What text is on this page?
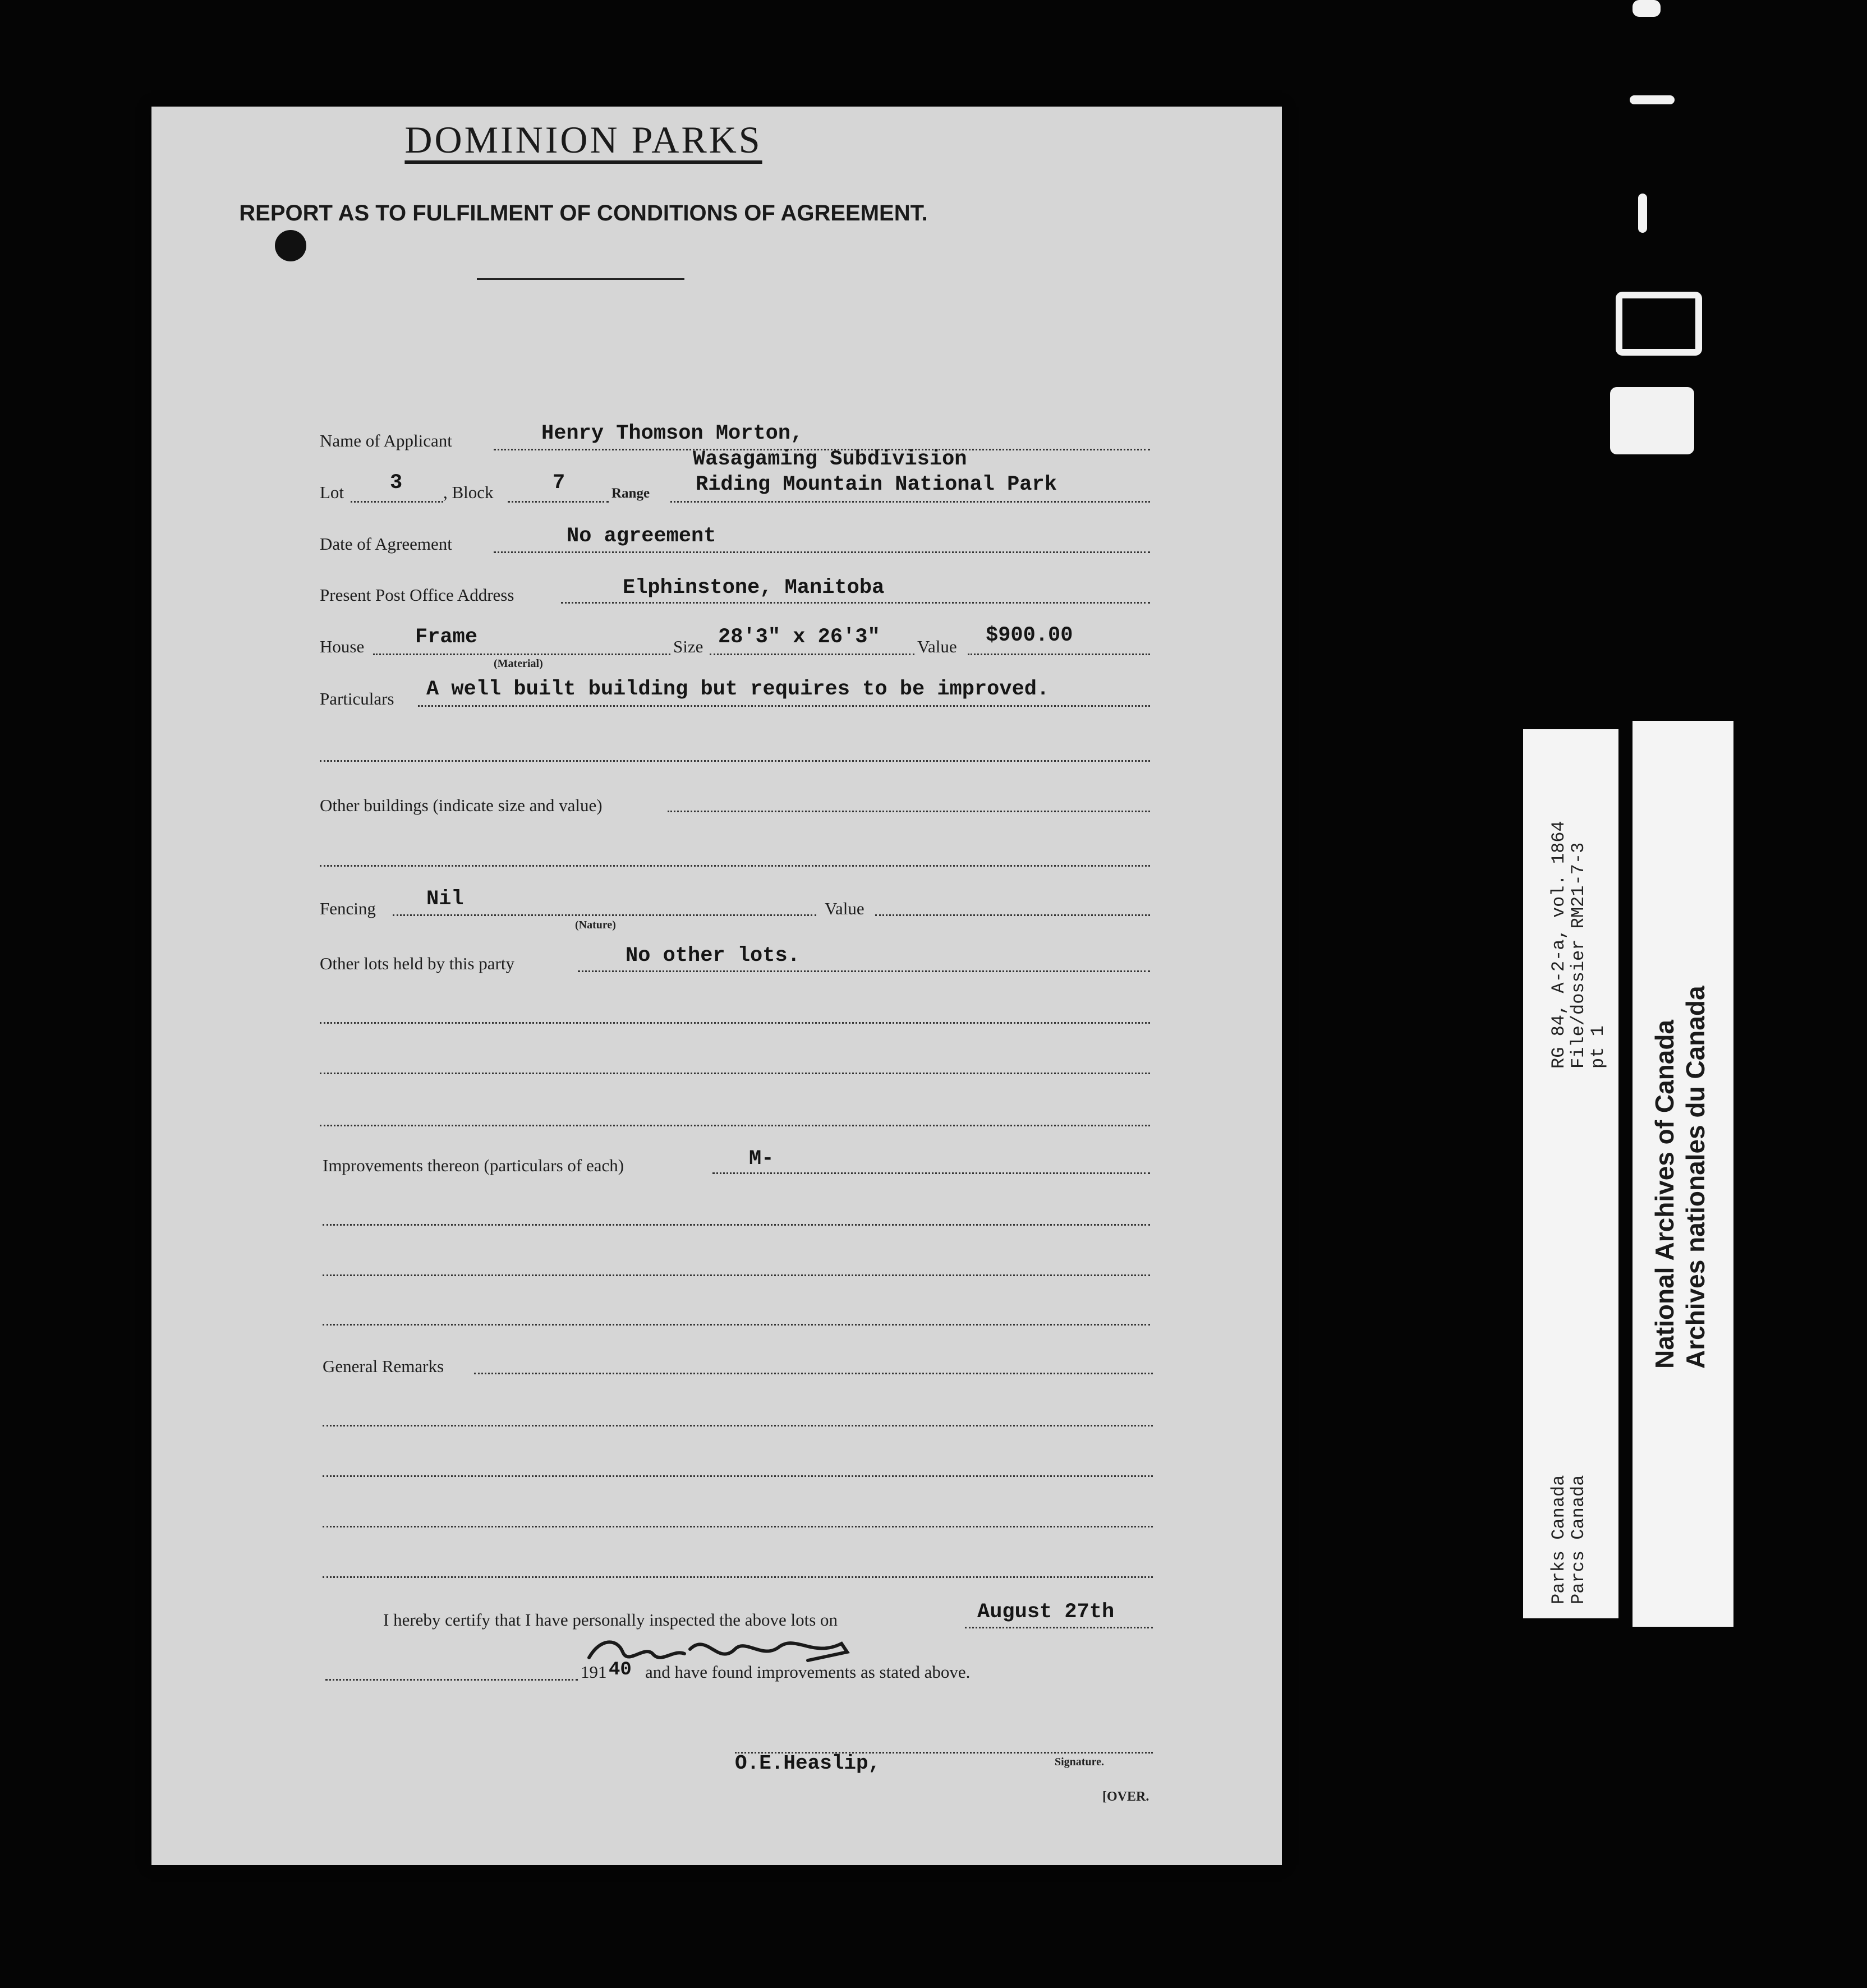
DOMINION PARKS
REPORT AS TO FULFILMENT OF CONDITIONS OF AGREEMENT.
Name of Applicant	Henry Thomson Morton,
Lot 3 , Block	7	Range
Wasagaming Subdivision
Riding Mountain National Park
Date of Agreement	No agreement
Present Post Office Address	Elphinstone, Manitoba
House Frame
(Material)
Size 28'3" x 26'3" Value $900.00
Particulars A well built building but requires to be improved.
Other buildings (indicate size and value)
Fencing Nil
(Nature)
Value
Other lots held by this party	No other lots.
Improvements thereon (particulars of each)	M-
General Remarks
I hereby certify that I have personally inspected the above lots on	August 27th
191 40 and have found improvements as stated above.
O.E.Heaslip,	Signature.
[OVER.
RG 84, A-2-a, vol. 1864
File/dossier RM21-7-3
pt 1
Parks Canada
Parcs Canada
National Archives of Canada Archives nationales du Canada
